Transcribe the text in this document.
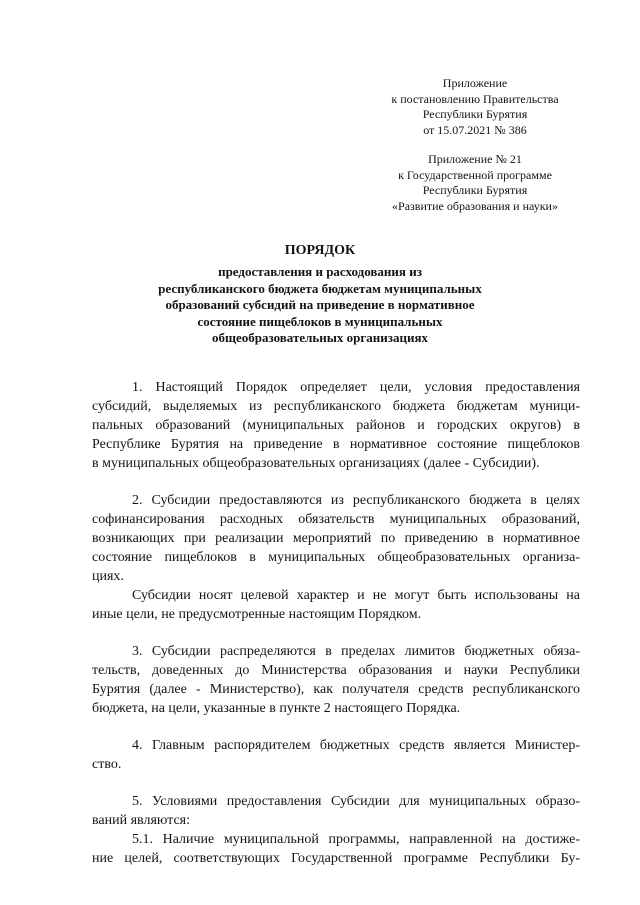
Приложение
к постановлению Правительства
Республики Бурятия
от 15.07.2021 № 386
Приложение № 21
к Государственной программе
Республики Бурятия
«Развитие образования и науки»
ПОРЯДОК
предоставления и расходования из
республиканского бюджета бюджетам муниципальных
образований субсидий на приведение в нормативное
состояние пищеблоков в муниципальных
общеобразовательных организациях

1. Настоящий Порядок определяет цели, условия предоставления
субсидий, выделяемых из республиканского бюджета бюджетам муници-
пальных образований (муниципальных районов и городских округов) в
Республике Бурятия на приведение в нормативное состояние пищеблоков
в муниципальных общеобразовательных организациях (далее - Субсидии).

2. Субсидии предоставляются из республиканского бюджета в целях
софинансирования расходных обязательств муниципальных образований,
возникающих при реализации мероприятий по приведению в нормативное
состояние пищеблоков в муниципальных общеобразовательных организа-
циях.

Субсидии носят целевой характер и не могут быть использованы на
иные цели, не предусмотренные настоящим Порядком.

3. Субсидии распределяются в пределах лимитов бюджетных обяза-
тельств, доведенных до Министерства образования и науки Республики
Бурятия (далее - Министерство), как получателя средств республиканского
бюджета, на цели, указанные в пункте 2 настоящего Порядка.

4. Главным распорядителем бюджетных средств является Министер-
ство.

5. Условиями предоставления Субсидии для муниципальных образо-
ваний являются:

5.1. Наличие муниципальной программы, направленной на достиже-
ние целей, соответствующих Государственной программе Республики Бу-
